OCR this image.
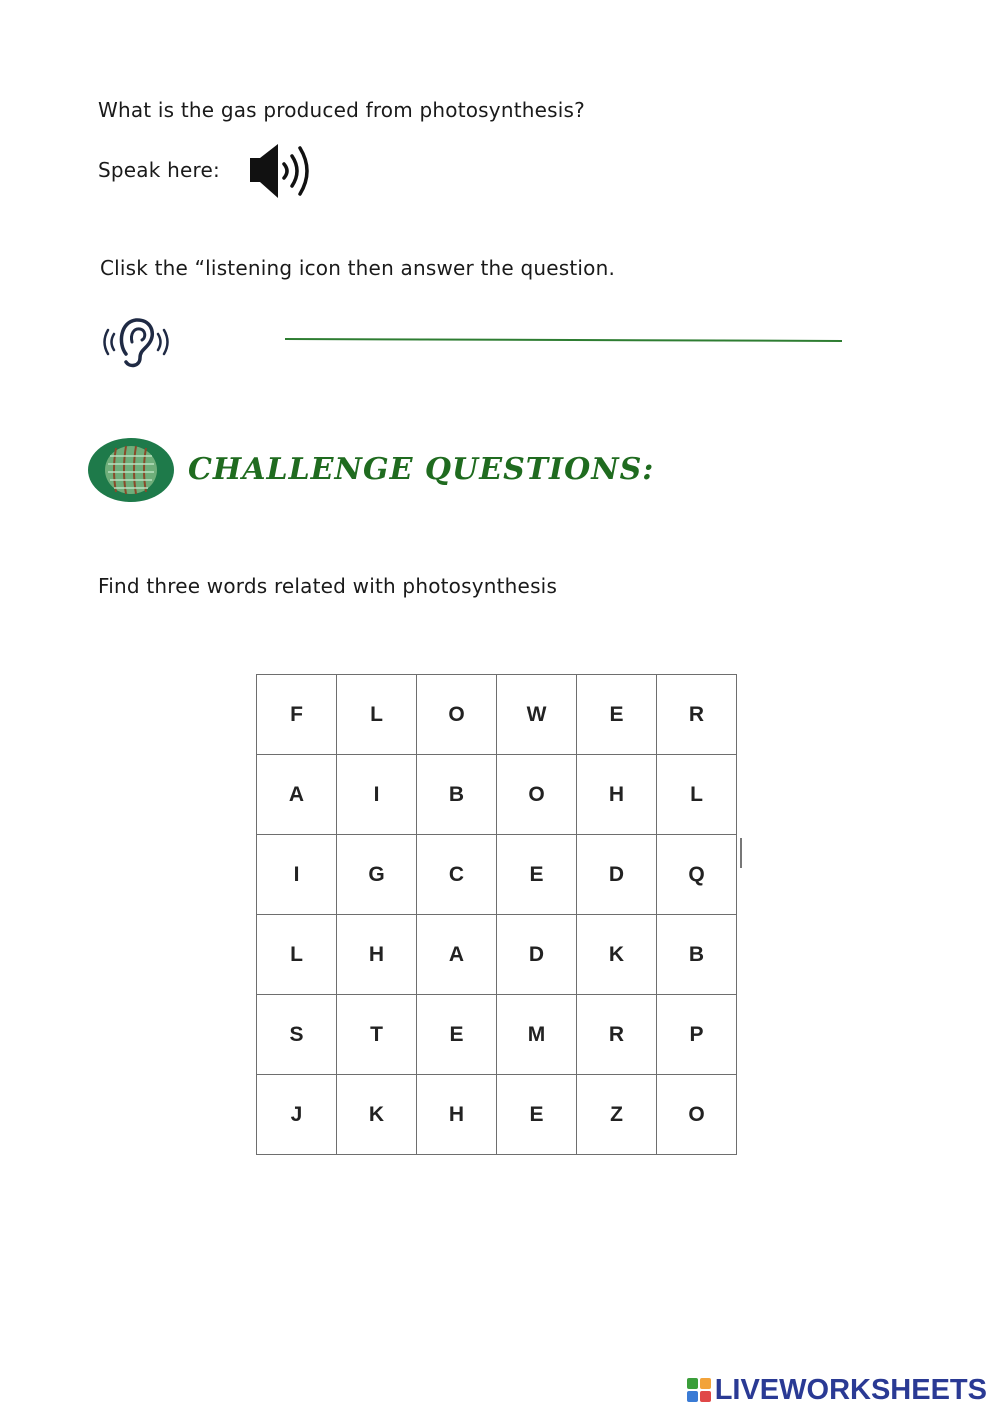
What is the gas produced from photosynthesis?
Speak here:
Clisk the “listening icon then answer the question.
CHALLENGE QUESTIONS:
Find three words related with photosynthesis
F	L	O	W	E	R
A	I	B	O	H	L
I	G	C	E	D	Q
L	H	A	D	K	B
S	T	E	M	R	P
J	K	H	E	Z	O
LIVEWORKSHEETS
